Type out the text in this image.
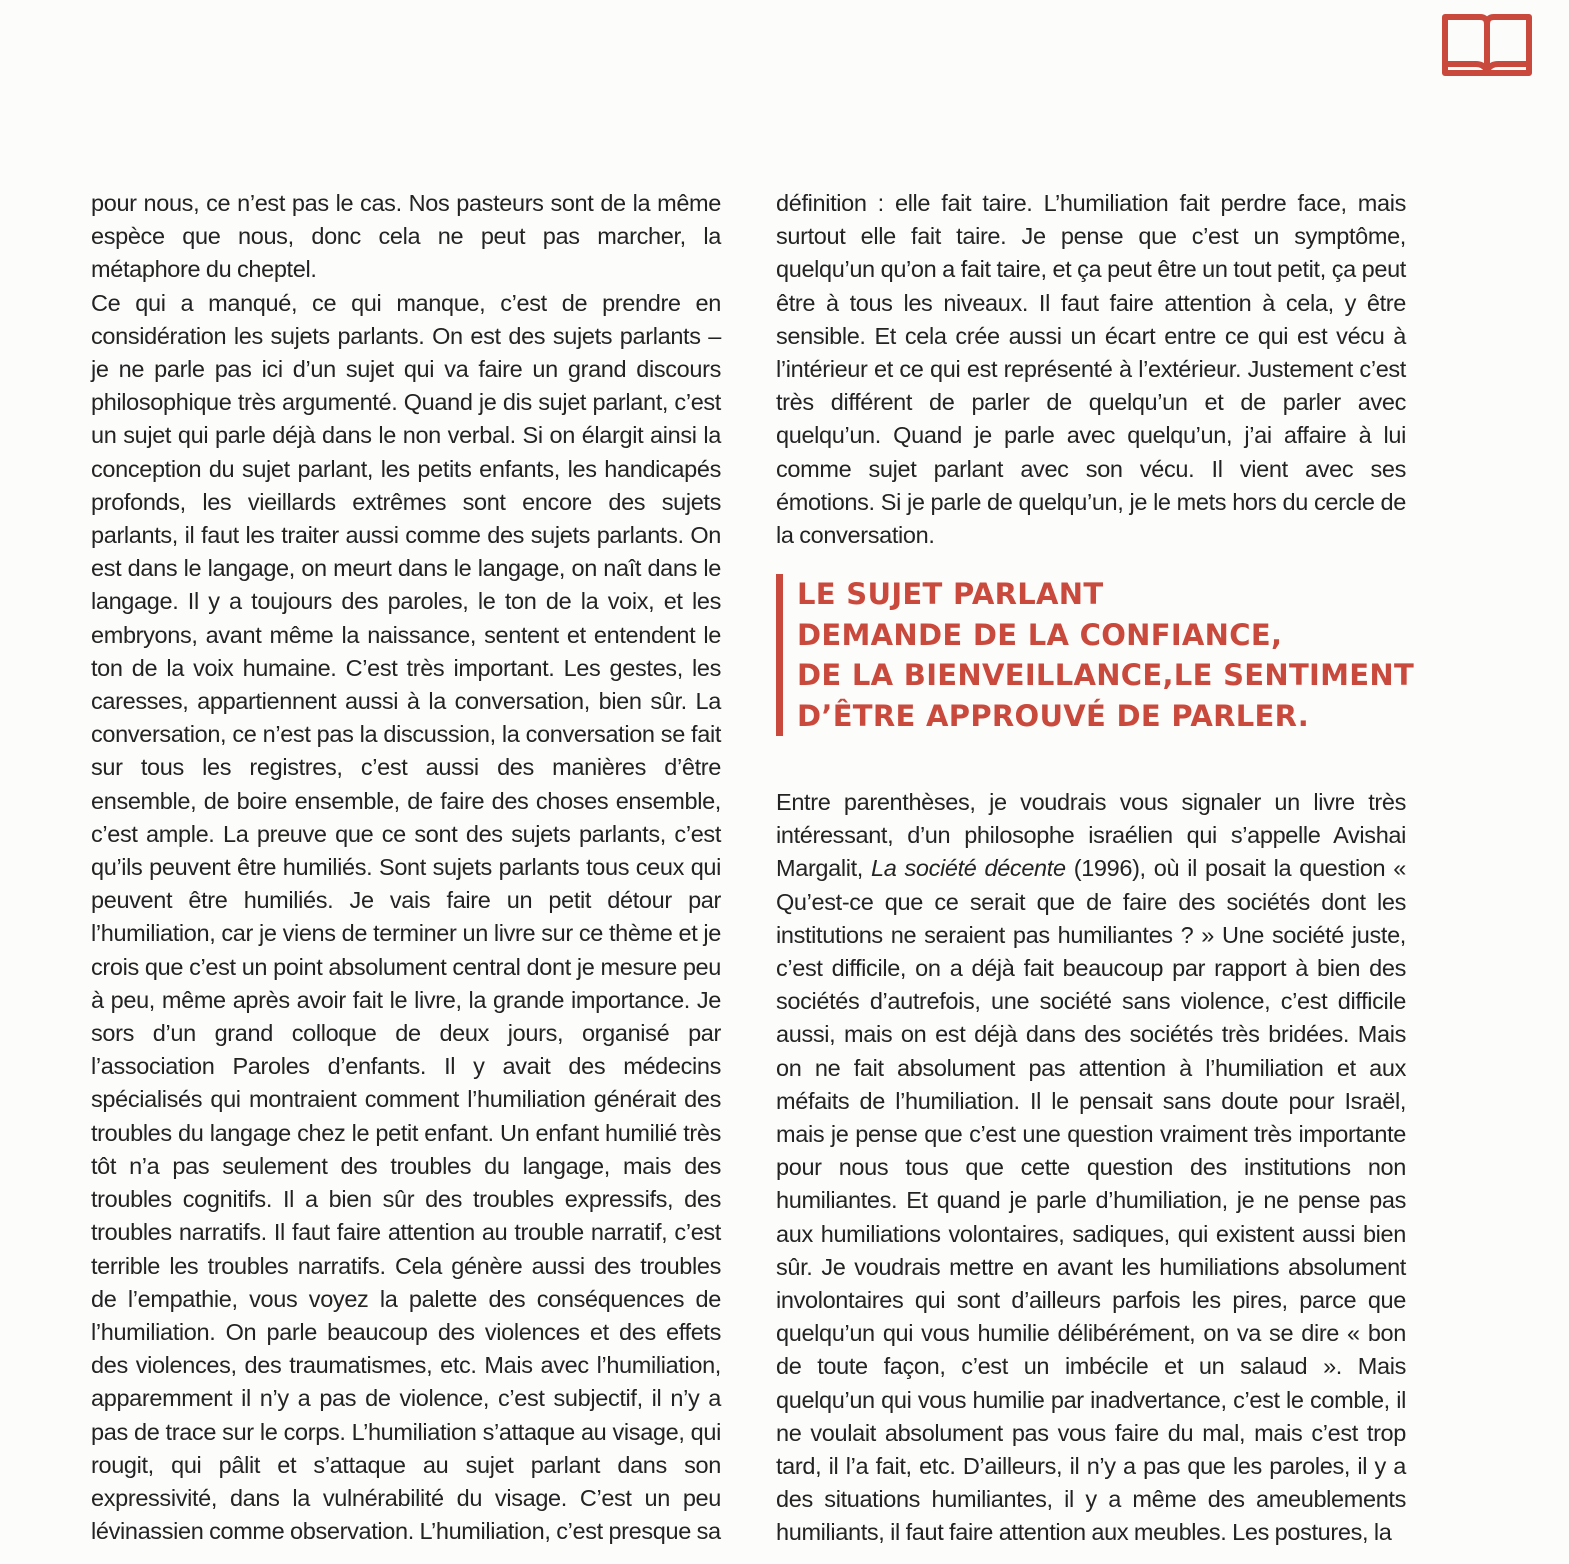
pour nous, ce n’est pas le cas. Nos pasteurs sont de la même espèce que nous, donc cela ne peut pas marcher, la métaphore du cheptel.

Ce qui a manqué, ce qui manque, c’est de prendre en considération les sujets parlants. On est des sujets parlants – je ne parle pas ici d’un sujet qui va faire un grand discours philosophique très argumenté. Quand je dis sujet parlant, c’est un sujet qui parle déjà dans le non verbal. Si on élargit ainsi la conception du sujet parlant, les petits enfants, les handicapés profonds, les vieillards extrêmes sont encore des sujets parlants, il faut les traiter aussi comme des sujets parlants. On est dans le langage, on meurt dans le langage, on naît dans le langage. Il y a toujours des paroles, le ton de la voix, et les embryons, avant même la naissance, sentent et entendent le ton de la voix humaine. C’est très important. Les gestes, les caresses, appartiennent aussi à la conversation, bien sûr. La conversation, ce n’est pas la discussion, la conversation se fait sur tous les registres, c’est aussi des manières d’être ensemble, de boire ensemble, de faire des choses ensemble, c’est ample. La preuve que ce sont des sujets parlants, c’est qu’ils peuvent être humiliés. Sont sujets parlants tous ceux qui peuvent être humiliés. Je vais faire un petit détour par l’humiliation, car je viens de terminer un livre sur ce thème et je crois que c’est un point absolument central dont je mesure peu à peu, même après avoir fait le livre, la grande importance. Je sors d’un grand colloque de deux jours, organisé par l’association Paroles d’enfants. Il y avait des médecins spécialisés qui montraient comment l’humiliation générait des troubles du langage chez le petit enfant. Un enfant humilié très tôt n’a pas seulement des troubles du langage, mais des troubles cognitifs. Il a bien sûr des troubles expressifs, des troubles narratifs. Il faut faire attention au trouble narratif, c’est terrible les troubles narratifs. Cela génère aussi des troubles de l’empathie, vous voyez la palette des conséquences de l’humiliation. On parle beaucoup des violences et des effets des violences, des traumatismes, etc. Mais avec l’humiliation, apparemment il n’y a pas de violence, c’est subjectif, il n’y a pas de trace sur le corps. L’humiliation s’attaque au visage, qui rougit, qui pâlit et s’attaque au sujet parlant dans son expressivité, dans la vulnérabilité du visage. C’est un peu lévinassien comme observation. L’humiliation, c’est presque sa

définition : elle fait taire. L’humiliation fait perdre face, mais surtout elle fait taire. Je pense que c’est un symptôme, quelqu’un qu’on a fait taire, et ça peut être un tout petit, ça peut être à tous les niveaux. Il faut faire attention à cela, y être sensible. Et cela crée aussi un écart entre ce qui est vécu à l’intérieur et ce qui est représenté à l’extérieur. Justement c’est très différent de parler de quelqu’un et de parler avec quelqu’un. Quand je parle avec quelqu’un, j’ai affaire à lui comme sujet parlant avec son vécu. Il vient avec ses émotions. Si je parle de quelqu’un, je le mets hors du cercle de la conversation.

LE SUJET PARLANT
DEMANDE DE LA CONFIANCE,
DE LA BIENVEILLANCE,LE SENTIMENT
D’ÊTRE APPROUVÉ DE PARLER.

Entre parenthèses, je voudrais vous signaler un livre très intéressant, d’un philosophe israélien qui s’appelle Avishai Margalit, La société décente (1996), où il posait la question « Qu’est-ce que ce serait que de faire des sociétés dont les institutions ne seraient pas humiliantes ? » Une société juste, c’est difficile, on a déjà fait beaucoup par rapport à bien des sociétés d’autrefois, une société sans violence, c’est difficile aussi, mais on est déjà dans des sociétés très bridées. Mais on ne fait absolument pas attention à l’humiliation et aux méfaits de l’humiliation. Il le pensait sans doute pour Israël, mais je pense que c’est une question vraiment très importante pour nous tous que cette question des institutions non humiliantes. Et quand je parle d’humiliation, je ne pense pas aux humiliations volontaires, sadiques, qui existent aussi bien sûr. Je voudrais mettre en avant les humiliations absolument involontaires qui sont d’ailleurs parfois les pires, parce que quelqu’un qui vous humilie délibérément, on va se dire « bon de toute façon, c’est un imbécile et un salaud ». Mais quelqu’un qui vous humilie par inadvertance, c’est le comble, il ne voulait absolument pas vous faire du mal, mais c’est trop tard, il l’a fait, etc. D’ailleurs, il n’y a pas que les paroles, il y a des situations humiliantes, il y a même des ameublements humiliants, il faut faire attention aux meubles. Les postures, la
